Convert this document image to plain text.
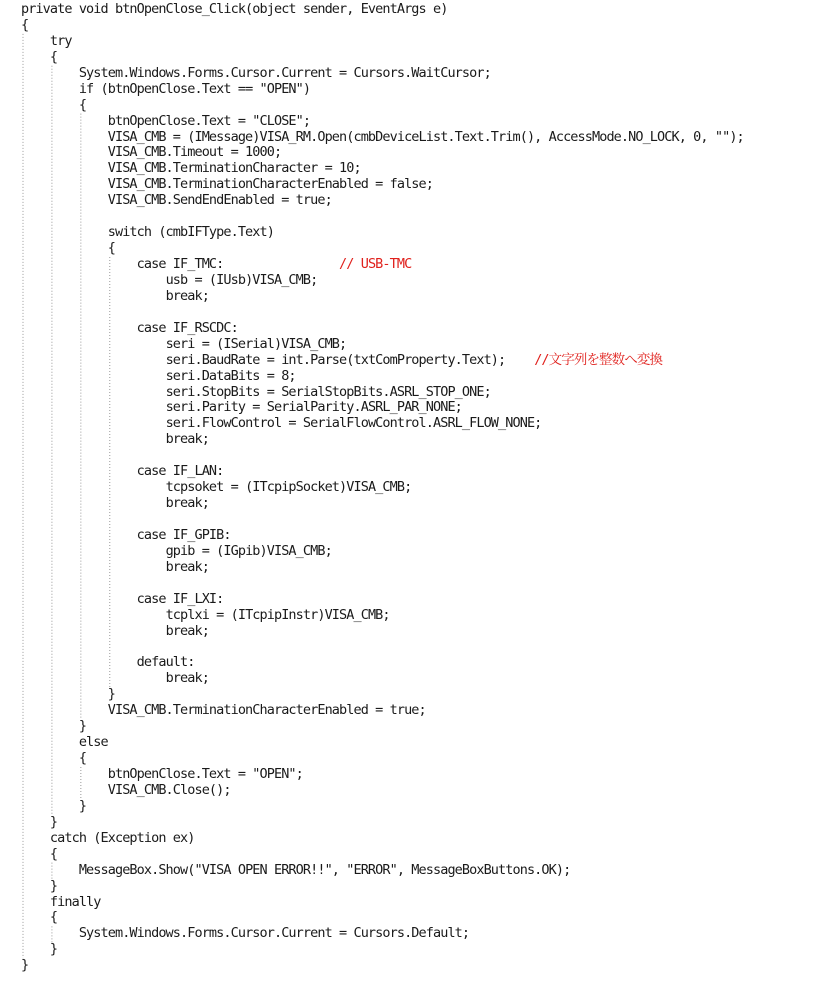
private void btnOpenClose_Click(object sender, EventArgs e)
{
try
{
System.Windows.Forms.Cursor.Current = Cursors.WaitCursor;
if (btnOpenClose.Text == "OPEN")
{
btnOpenClose.Text = "CLOSE";
VISA_CMB = (IMessage)VISA_RM.Open(cmbDeviceList.Text.Trim(), AccessMode.NO_LOCK, 0, "");
VISA_CMB.Timeout = 1000;
VISA_CMB.TerminationCharacter = 10;
VISA_CMB.TerminationCharacterEnabled = false;
VISA_CMB.SendEndEnabled = true;
switch (cmbIFType.Text)
{
case IF_TMC:	// USB-TMC
usb = (IUsb)VISA_CMB;
break;
case IF_RSCDC:
seri = (ISerial)VISA_CMB;
seri.BaudRate = int.Parse(txtComProperty.Text); //文字列を整数へ変換
seri.DataBits = 8;
seri.StopBits = SerialStopBits.ASRL_STOP_ONE;
seri.Parity = SerialParity.ASRL_PAR_NONE;
seri.FlowControl = SerialFlowControl.ASRL_FLOW_NONE;
break;
case IF_LAN:
tcpsoket = (ITcpipSocket)VISA_CMB;
break;
case IF_GPIB:
gpib = (IGpib)VISA_CMB;
break;
case IF_LXI:
tcplxi = (ITcpipInstr)VISA_CMB;
break;
default:
break;
}
VISA_CMB.TerminationCharacterEnabled = true;
}
else
{
btnOpenClose.Text = "OPEN";
VISA_CMB.Close();
}
}
catch (Exception ex)
{
MessageBox.Show("VISA OPEN ERROR!!", "ERROR", MessageBoxButtons.OK);
}
finally
{
System.Windows.Forms.Cursor.Current = Cursors.Default;
}
}
